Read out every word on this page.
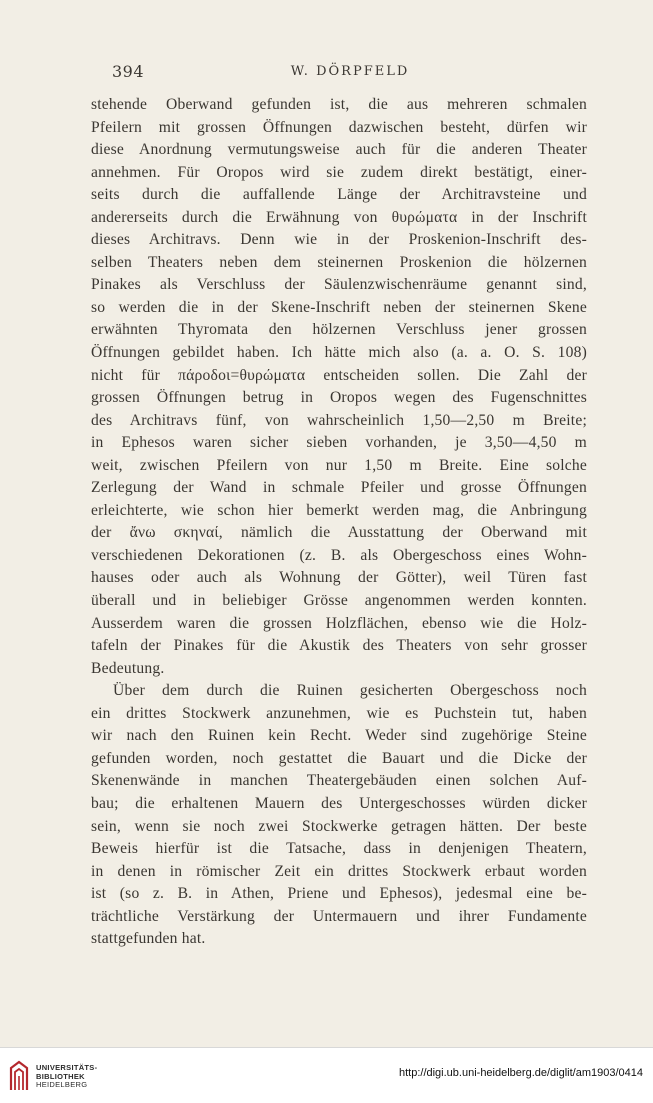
394	W. DÖRPFELD
stehende Oberwand gefunden ist, die aus mehreren schmalen
Pfeilern mit grossen Öffnungen dazwischen besteht, dürfen wir
diese Anordnung vermutungsweise auch für die anderen Theater
annehmen. Für Oropos wird sie zudem direkt bestätigt, einer-
seits durch die auffallende Länge der Architravsteine und
andererseits durch die Erwähnung von θυρώματα in der Inschrift
dieses Architravs. Denn wie in der Proskenion-Inschrift des-
selben Theaters neben dem steinernen Proskenion die hölzernen
Pinakes als Verschluss der Säulenzwischenräume genannt sind,
so werden die in der Skene-Inschrift neben der steinernen Skene
erwähnten Thyromata den hölzernen Verschluss jener grossen
Öffnungen gebildet haben. Ich hätte mich also (a. a. O. S. 108)
nicht für πάροδοι=θυρώματα entscheiden sollen. Die Zahl der
grossen Öffnungen betrug in Oropos wegen des Fugenschnittes
des Architravs fünf, von wahrscheinlich 1,50—2,50 m Breite;
in Ephesos waren sicher sieben vorhanden, je 3,50—4,50 m
weit, zwischen Pfeilern von nur 1,50 m Breite. Eine solche
Zerlegung der Wand in schmale Pfeiler und grosse Öffnungen
erleichterte, wie schon hier bemerkt werden mag, die Anbringung
der ἄνω σκηναί, nämlich die Ausstattung der Oberwand mit
verschiedenen Dekorationen (z. B. als Obergeschoss eines Wohn-
hauses oder auch als Wohnung der Götter), weil Türen fast
überall und in beliebiger Grösse angenommen werden konnten.
Ausserdem waren die grossen Holzflächen, ebenso wie die Holz-
tafeln der Pinakes für die Akustik des Theaters von sehr grosser
Bedeutung.
Über dem durch die Ruinen gesicherten Obergeschoss noch
ein drittes Stockwerk anzunehmen, wie es Puchstein tut, haben
wir nach den Ruinen kein Recht. Weder sind zugehörige Steine
gefunden worden, noch gestattet die Bauart und die Dicke der
Skenenwände in manchen Theatergebäuden einen solchen Auf-
bau; die erhaltenen Mauern des Untergeschosses würden dicker
sein, wenn sie noch zwei Stockwerke getragen hätten. Der beste
Beweis hierfür ist die Tatsache, dass in denjenigen Theatern,
in denen in römischer Zeit ein drittes Stockwerk erbaut worden
ist (so z. B. in Athen, Priene und Ephesos), jedesmal eine be-
trächtliche Verstärkung der Untermauern und ihrer Fundamente
stattgefunden hat.
UNIVERSITÄTS-
BIBLIOTHEK
HEIDELBERG
http://digi.ub.uni-heidelberg.de/diglit/am1903/0414
